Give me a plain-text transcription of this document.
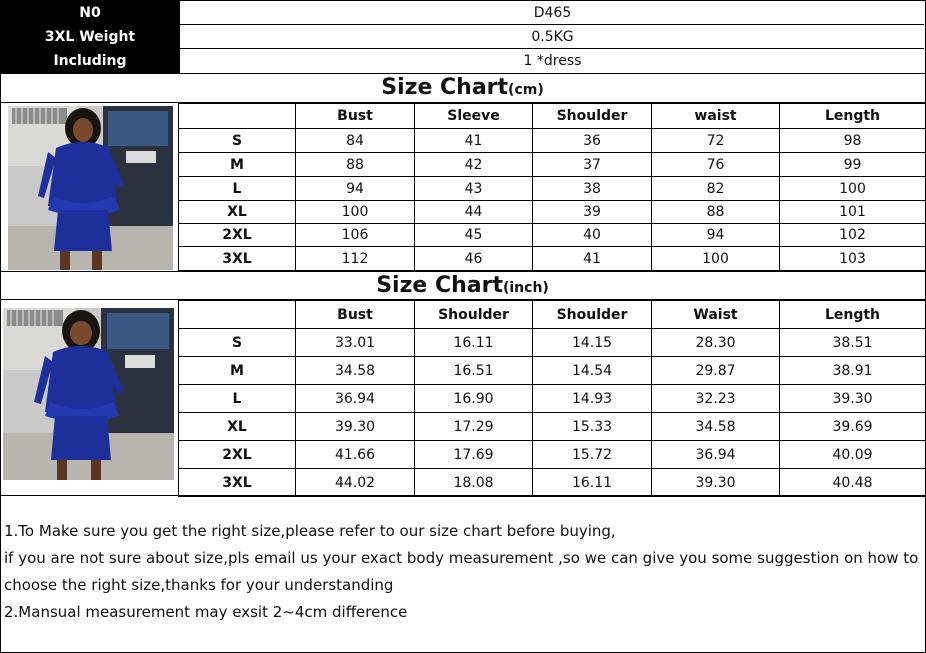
N0	D465
3XL Weight	0.5KG
Including	1 *dress
Size Chart(cm)
	Bust	Sleeve	Shoulder	waist	Length
S	84	41	36	72	98
M	88	42	37	76	99
L	94	43	38	82	100
XL	100	44	39	88	101
2XL	106	45	40	94	102
3XL	112	46	41	100	103
Size Chart(inch)
	Bust	Shoulder	Shoulder	Waist	Length
S	33.01	16.11	14.15	28.30	38.51
M	34.58	16.51	14.54	29.87	38.91
L	36.94	16.90	14.93	32.23	39.30
XL	39.30	17.29	15.33	34.58	39.69
2XL	41.66	17.69	15.72	36.94	40.09
3XL	44.02	18.08	16.11	39.30	40.48
1.To Make sure you get the right size,please refer to our size chart before buying,
if you are not sure about size,pls email us your exact body measurement ,so we can give you some suggestion on how to
choose the right size,thanks for your understanding
2.Mansual measurement may exsit 2~4cm difference
